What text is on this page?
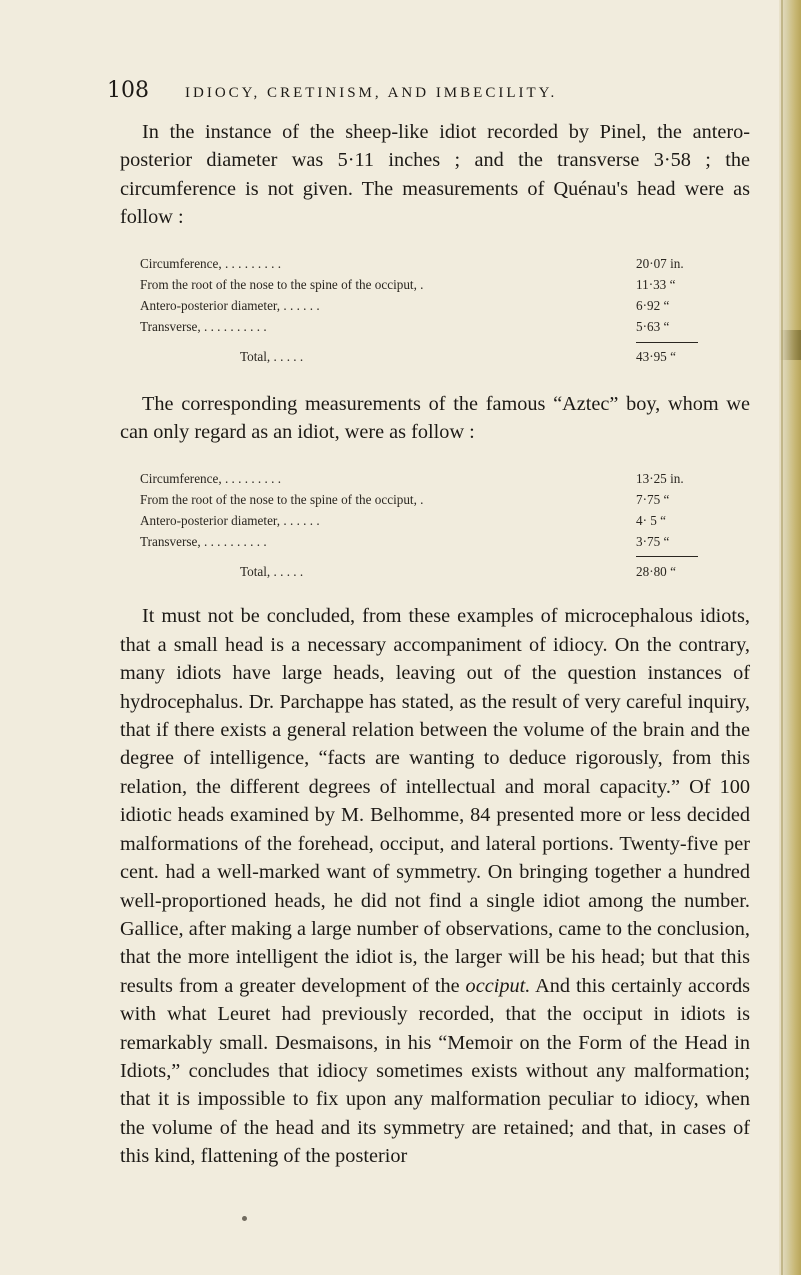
108 IDIOCY, CRETINISM, AND IMBECILITY.

In the instance of the sheep-like idiot recorded by Pinel, the antero-posterior diameter was 5·11 inches ; and the transverse 3·58 ; the circumference is not given. The measurements of Quénau's head were as follow :

Circumference, . . . . . . . . .	20·07 in.
From the root of the nose to the spine of the occiput, .	11·33 “
Antero-posterior diameter, . . . . . .	6·92 “
Transverse, . . . . . . . . . .	5·63 “
Total, . . . . .	43·95 “

The corresponding measurements of the famous “Aztec” boy, whom we can only regard as an idiot, were as follow :

Circumference, . . . . . . . . .	13·25 in.
From the root of the nose to the spine of the occiput, .	7·75 “
Antero-posterior diameter, . . . . . .	4· 5 “
Transverse, . . . . . . . . . .	3·75 “
Total, . . . . .	28·80 “

It must not be concluded, from these examples of microcephalous idiots, that a small head is a necessary accompaniment of idiocy. On the contrary, many idiots have large heads, leaving out of the question instances of hydrocephalus. Dr. Parchappe has stated, as the result of very careful inquiry, that if there exists a general relation between the volume of the brain and the degree of intelligence, “facts are wanting to deduce rigorously, from this relation, the different degrees of intellectual and moral capacity.” Of 100 idiotic heads examined by M. Belhomme, 84 presented more or less decided malformations of the forehead, occiput, and lateral portions. Twenty-five per cent. had a well-marked want of symmetry. On bringing together a hundred well-proportioned heads, he did not find a single idiot among the number. Gallice, after making a large number of observations, came to the conclusion, that the more intelligent the idiot is, the larger will be his head; but that this results from a greater development of the occiput. And this certainly accords with what Leuret had previously recorded, that the occiput in idiots is remarkably small. Desmaisons, in his “Memoir on the Form of the Head in Idiots,” concludes that idiocy sometimes exists without any malformation; that it is impossible to fix upon any malformation peculiar to idiocy, when the volume of the head and its symmetry are retained; and that, in cases of this kind, flattening of the posterior
